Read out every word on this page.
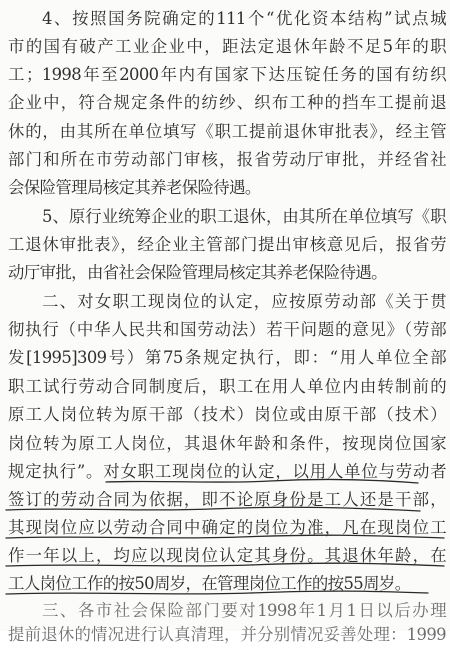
4、按照国务院确定的111个“优化资本结构”试点城
市的国有破产工业企业中，距法定退休年龄不足5年的职
工；1998年至2000年内有国家下达压锭任务的国有纺织
企业中，符合规定条件的纺纱、织布工种的挡车工提前退
休的，由其所在单位填写《职工提前退休审批表》，经主管
部门和所在市劳动部门审核，报省劳动厅审批，并经省社
会保险管理局核定其养老保险待遇。
5、原行业统筹企业的职工退休，由其所在单位填写《职
工退休审批表》，经企业主管部门提出审核意见后，报省劳
动厅审批，由省社会保险管理局核定其养老保险待遇。
二、对女职工现岗位的认定，应按原劳动部《关于贯
彻执行（中华人民共和国劳动法）若干问题的意见》（劳部
发[1995]309号）第75条规定执行，即：“用人单位全部
职工试行劳动合同制度后，职工在用人单位内由转制前的
原工人岗位转为原干部（技术）岗位或由原干部（技术）
岗位转为原工人岗位，其退休年龄和条件，按现岗位国家
规定执行”。对女职工现岗位的认定，以用人单位与劳动者
签订的劳动合同为依据，即不论原身份是工人还是干部，
其现岗位应以劳动合同中确定的岗位为准，凡在现岗位工
作一年以上，均应以现岗位认定其身份。其退休年龄，在
工人岗位工作的按50周岁，在管理岗位工作的按55周岁。
三、各市社会保险部门要对1998年1月1日以后办理
提前退休的情况进行认真清理，并分别情况妥善处理：1999
